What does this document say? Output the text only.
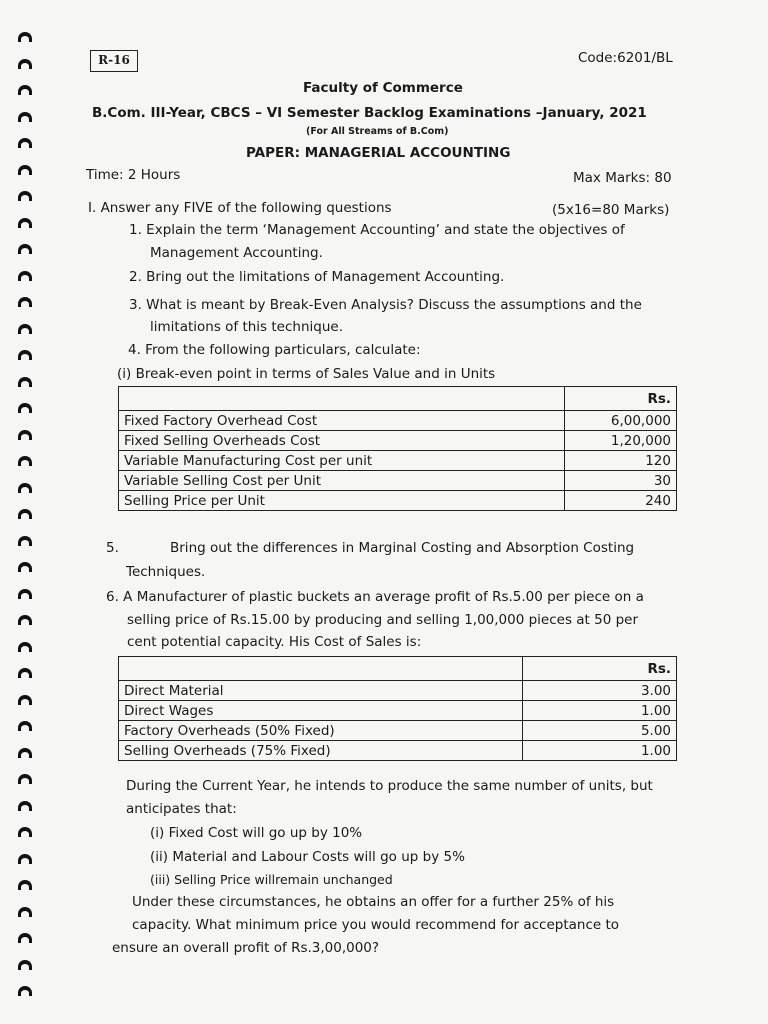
R-16	Code:6201/BL
Faculty of Commerce
B.Com. III-Year, CBCS – VI Semester Backlog Examinations –January, 2021
(For All Streams of B.Com)
PAPER: MANAGERIAL ACCOUNTING
Time: 2 Hours	Max Marks: 80
I. Answer any FIVE of the following questions	(5x16=80 Marks)
1. Explain the term ‘Management Accounting’ and state the objectives of
Management Accounting.
2. Bring out the limitations of Management Accounting.
3. What is meant by Break-Even Analysis? Discuss the assumptions and the
limitations of this technique.
4. From the following particulars, calculate:
(i) Break-even point in terms of Sales Value and in Units
	Rs.
Fixed Factory Overhead Cost	6,00,000
Fixed Selling Overheads Cost	1,20,000
Variable Manufacturing Cost per unit	120
Variable Selling Cost per Unit	30
Selling Price per Unit	240
5.	Bring out the differences in Marginal Costing and Absorption Costing
Techniques.
6. A Manufacturer of plastic buckets an average profit of Rs.5.00 per piece on a
selling price of Rs.15.00 by producing and selling 1,00,000 pieces at 50 per
cent potential capacity. His Cost of Sales is:
	Rs.
Direct Material	3.00
Direct Wages	1.00
Factory Overheads (50% Fixed)	5.00
Selling Overheads (75% Fixed)	1.00
During the Current Year, he intends to produce the same number of units, but
anticipates that:
(i) Fixed Cost will go up by 10%
(ii) Material and Labour Costs will go up by 5%
(iii) Selling Price willremain unchanged
Under these circumstances, he obtains an offer for a further 25% of his
capacity. What minimum price you would recommend for acceptance to
ensure an overall profit of Rs.3,00,000?
